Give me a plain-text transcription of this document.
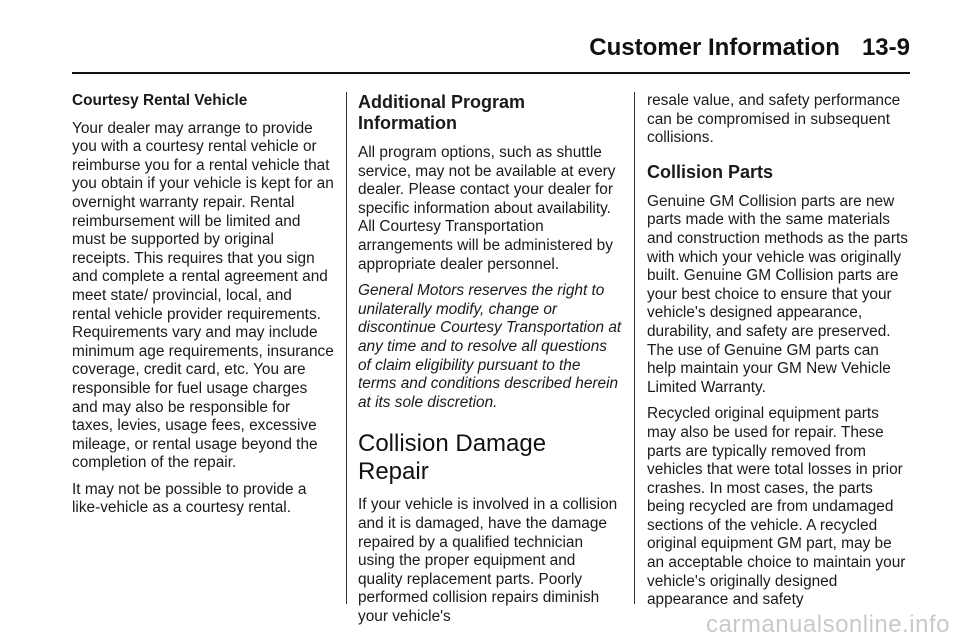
Customer Information 13-9

Courtesy Rental Vehicle

Your dealer may arrange to provide you with a courtesy rental vehicle or reimburse you for a rental vehicle that you obtain if your vehicle is kept for an overnight warranty repair. Rental reimbursement will be limited and must be supported by original receipts. This requires that you sign and complete a rental agreement and meet state/ provincial, local, and rental vehicle provider requirements. Requirements vary and may include minimum age requirements, insurance coverage, credit card, etc. You are responsible for fuel usage charges and may also be responsible for taxes, levies, usage fees, excessive mileage, or rental usage beyond the completion of the repair.

It may not be possible to provide a like-vehicle as a courtesy rental.

Additional Program Information

All program options, such as shuttle service, may not be available at every dealer. Please contact your dealer for specific information about availability. All Courtesy Transportation arrangements will be administered by appropriate dealer personnel.

General Motors reserves the right to unilaterally modify, change or discontinue Courtesy Transportation at any time and to resolve all questions of claim eligibility pursuant to the terms and conditions described herein at its sole discretion.

Collision Damage Repair

If your vehicle is involved in a collision and it is damaged, have the damage repaired by a qualified technician using the proper equipment and quality replacement parts. Poorly performed collision repairs diminish your vehicle's

resale value, and safety performance can be compromised in subsequent collisions.

Collision Parts

Genuine GM Collision parts are new parts made with the same materials and construction methods as the parts with which your vehicle was originally built. Genuine GM Collision parts are your best choice to ensure that your vehicle's designed appearance, durability, and safety are preserved. The use of Genuine GM parts can help maintain your GM New Vehicle Limited Warranty.

Recycled original equipment parts may also be used for repair. These parts are typically removed from vehicles that were total losses in prior crashes. In most cases, the parts being recycled are from undamaged sections of the vehicle. A recycled original equipment GM part, may be an acceptable choice to maintain your vehicle's originally designed appearance and safety

carmanualsonline.info
